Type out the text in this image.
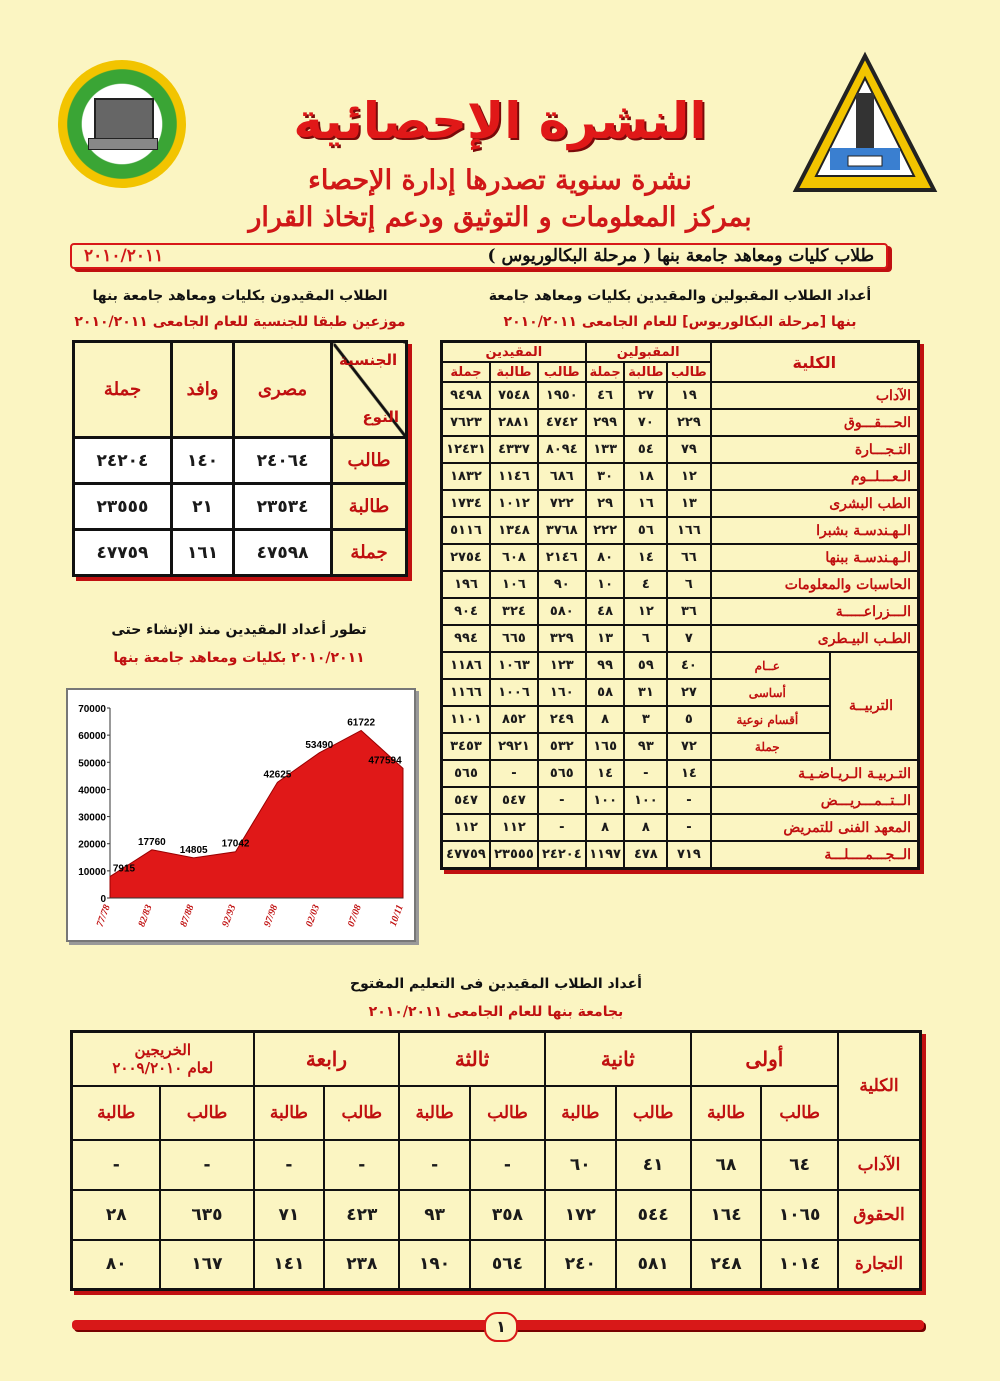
النشرة الإحصائية
نشرة سنوية تصدرها إدارة الإحصاء
بمركز المعلومات و التوثيق ودعم إتخاذ القرار
طلاب كليات ومعاهد جامعة بنها ( مرحلة البكالوريوس )
٢٠١٠/٢٠١١
أعداد الطلاب المقبولين والمقيدين بكليات ومعاهد جامعة
بنها [مرحلة البكالوريوس] للعام الجامعى ٢٠١٠/٢٠١١
الطلاب المقيدون بكليات ومعاهد جامعة بنها
موزعين طبقا للجنسية للعام الجامعى ٢٠١٠/٢٠١١
الكلية		المقبولين			المقيدين		
		طالب	طالبة	جملة	طالب	طالبة	جملة
الآداب		١٩	٢٧	٤٦	١٩٥٠	٧٥٤٨	٩٤٩٨
الحـــقـــوق		٢٢٩	٧٠	٢٩٩	٤٧٤٢	٢٨٨١	٧٦٢٣
التـجـــارة		٧٩	٥٤	١٣٣	٨٠٩٤	٤٣٣٧	١٢٤٣١
الـعـــلــوم		١٢	١٨	٣٠	٦٨٦	١١٤٦	١٨٣٢
الطب البشرى		١٣	١٦	٢٩	٧٢٢	١٠١٢	١٧٣٤
الـهـندسـة بشبرا		١٦٦	٥٦	٢٢٢	٣٧٦٨	١٣٤٨	٥١١٦
الـهـندسـة ببنها		٦٦	١٤	٨٠	٢١٤٦	٦٠٨	٢٧٥٤
الحاسبات والمعلومات		٦	٤	١٠	٩٠	١٠٦	١٩٦
الـــزراعـــــة		٣٦	١٢	٤٨	٥٨٠	٣٢٤	٩٠٤
الطـب البيـطرى		٧	٦	١٣	٣٢٩	٦٦٥	٩٩٤
التربيــة	عــام	٤٠	٥٩	٩٩	١٢٣	١٠٦٣	١١٨٦
	أساسى	٢٧	٣١	٥٨	١٦٠	١٠٠٦	١١٦٦
	أقسام نوعية	٥	٣	٨	٢٤٩	٨٥٢	١١٠١
	جملة	٧٢	٩٣	١٦٥	٥٣٢	٢٩٢١	٣٤٥٣
التـربيـة الـريـاضـيـة		١٤	-	١٤	٥٦٥	-	٥٦٥
الــتــمـــريـــض		-	١٠٠	١٠٠	-	٥٤٧	٥٤٧
المعهد الفنى للتمريض		-	٨	٨	-	١١٢	١١٢
الــجـــمــــلـــة		٧١٩	٤٧٨	١١٩٧	٢٤٢٠٤	٢٣٥٥٥	٤٧٧٥٩
الجنسية
النوع	مصرى	وافد	جملة
طالب	٢٤٠٦٤	١٤٠	٢٤٢٠٤
طالبة	٢٣٥٣٤	٢١	٢٣٥٥٥
جملة	٤٧٥٩٨	١٦١	٤٧٧٥٩
تطور أعداد المقيدين منذ الإنشاء حتى
٢٠١٠/٢٠١١ بكليات ومعاهد جامعة بنها
0
10000
20000
30000
40000
50000
60000
70000
7915
17760
14805
17042
42625
53490
61722
477594
77/78 82/83 87/88 92/93 97/98 02/03 07/08 10/11
أعداد الطلاب المقيدين فى التعليم المفتوح
بجامعة بنها للعام الجامعى ٢٠١٠/٢٠١١
الكلية	أولى		ثانية		ثالثة		رابعة		الخريجين
لعام ٢٠٠٩/٢٠١٠	

	طالب	طالبة	طالب	طالبة	طالب	طالبة	طالب	طالبة	طالب	طالبة
الآداب	٦٤	٦٨	٤١	٦٠	-	-	-	-	-	-
الحقوق	١٠٦٥	١٦٤	٥٤٤	١٧٢	٣٥٨	٩٣	٤٢٣	٧١	٦٣٥	٢٨
التجارة	١٠١٤	٢٤٨	٥٨١	٢٤٠	٥٦٤	١٩٠	٢٣٨	١٤١	١٦٧	٨٠
١
